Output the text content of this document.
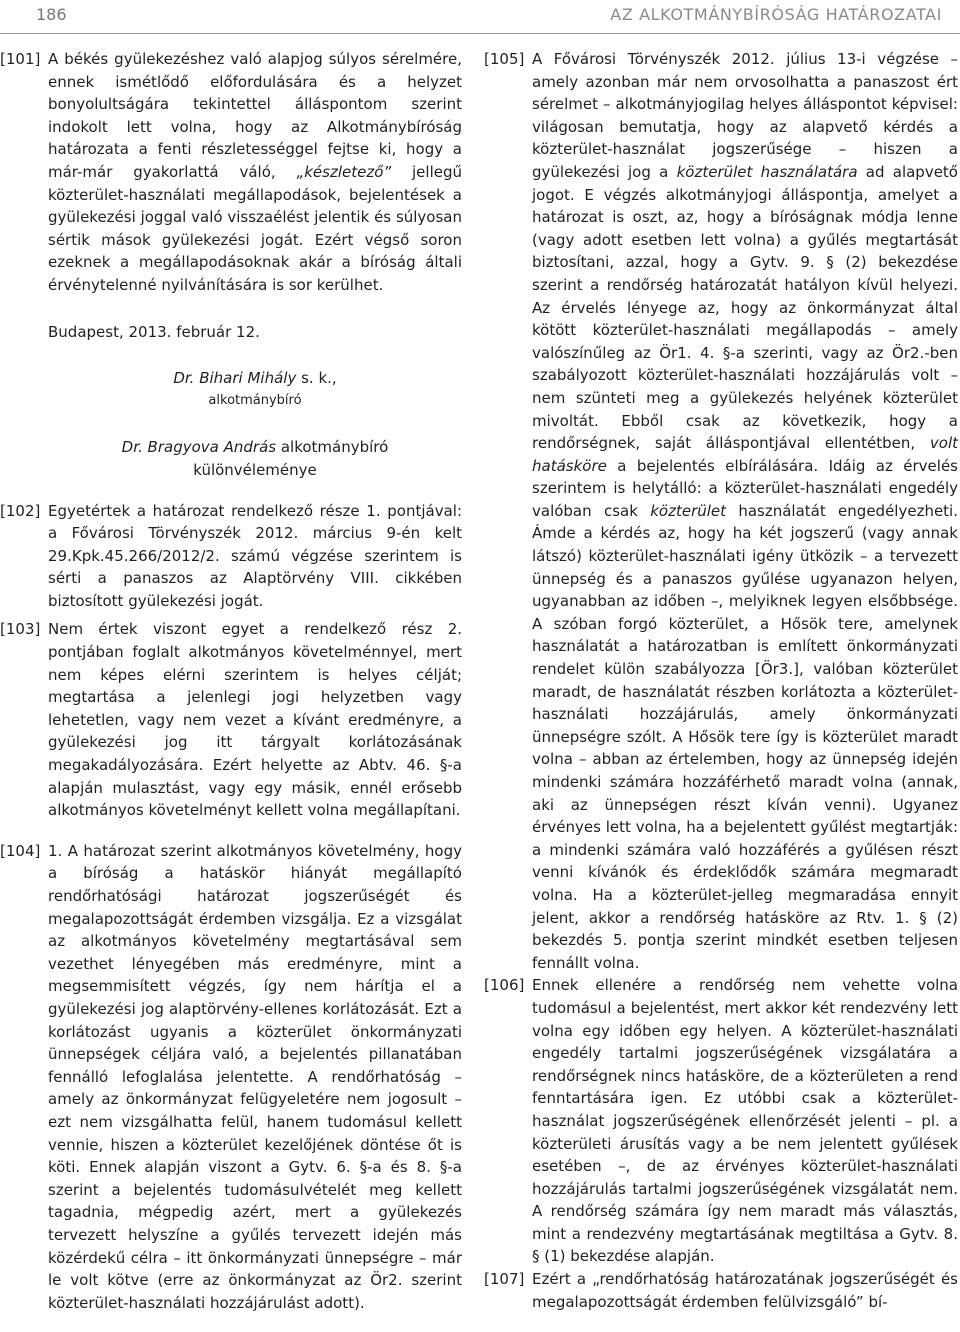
186	AZ ALKOTMÁNYBÍRÓSÁG HATÁROZATAI

[101] A békés gyülekezéshez való alapjog súlyos sérelmére, ennek ismétlődő előfordulására és a helyzet bonyolultságára tekintettel álláspontom szerint indokolt lett volna, hogy az Alkotmánybíróság határozata a fenti részletességgel fejtse ki, hogy a már-már gyakorlattá váló, „készletező” jellegű közterület-használati megállapodások, bejelentések a gyülekezési joggal való visszaélést jelentik és súlyosan sértik mások gyülekezési jogát. Ezért végső soron ezeknek a megállapodásoknak akár a bíróság általi érvénytelenné nyilvánítására is sor kerülhet.

Budapest, 2013. február 12.

Dr. Bihari Mihály s. k.,

alkotmánybíró

Dr. Bragyova András alkotmánybíró

különvéleménye

[102] Egyetértek a határozat rendelkező része 1. pontjával: a Fővárosi Törvényszék 2012. március 9-én kelt 29.Kpk.45.266/2012/2. számú végzése szerintem is sérti a panaszos az Alaptörvény VIII. cikkében biztosított gyülekezési jogát.

[103] Nem értek viszont egyet a rendelkező rész 2. pontjában foglalt alkotmányos követelménnyel, mert nem képes elérni szerintem is helyes célját; megtartása a jelenlegi jogi helyzetben vagy lehetetlen, vagy nem vezet a kívánt eredményre, a gyülekezési jog itt tárgyalt korlátozásának megakadályozására. Ezért helyette az Abtv. 46. §-a alapján mulasztást, vagy egy másik, ennél erősebb alkotmányos követelményt kellett volna megállapítani.

[104] 1. A határozat szerint alkotmányos követelmény, hogy a bíróság a hatáskör hiányát megállapító rendőrhatósági határozat jogszerűségét és megalapozottságát érdemben vizsgálja. Ez a vizsgálat az alkotmányos követelmény megtartásával sem vezethet lényegében más eredményre, mint a megsemmisített végzés, így nem hárítja el a gyülekezési jog alaptörvény-ellenes korlátozását. Ezt a korlátozást ugyanis a közterület önkormányzati ünnepségek céljára való, a bejelentés pillanatában fennálló lefoglalása jelentette. A rendőrhatóság – amely az önkormányzat felügyeletére nem jogosult – ezt nem vizsgálhatta felül, hanem tudomásul kellett vennie, hiszen a közterület kezelőjének döntése őt is köti. Ennek alapján viszont a Gytv. 6. §-a és 8. §-a szerint a bejelentés tudomásulvételét meg kellett tagadnia, mégpedig azért, mert a gyülekezés tervezett helyszíne a gyűlés tervezett idején más közérdekű célra – itt önkormányzati ünnepségre – már le volt kötve (erre az önkormányzat az Ör2. szerint közterület-használati hozzájárulást adott).

[105] A Fővárosi Törvényszék 2012. július 13-i végzése – amely azonban már nem orvosolhatta a panaszost ért sérelmet – alkotmányjogilag helyes álláspontot képvisel: világosan bemutatja, hogy az alapvető kérdés a közterület-használat jogszerűsége – hiszen a gyülekezési jog a közterület használatára ad alapvető jogot. E végzés alkotmányjogi álláspontja, amelyet a határozat is oszt, az, hogy a bíróságnak módja lenne (vagy adott esetben lett volna) a gyűlés megtartását biztosítani, azzal, hogy a Gytv. 9. § (2) bekezdése szerint a rendőrség határozatát hatályon kívül helyezi. Az érvelés lényege az, hogy az önkormányzat által kötött közterület-használati megállapodás – amely valószínűleg az Ör1. 4. §-a szerinti, vagy az Ör2.-ben szabályozott közterület-használati hozzájárulás volt – nem szünteti meg a gyülekezés helyének közterület mivoltát. Ebből csak az következik, hogy a rendőrségnek, saját álláspontjával ellentétben, volt hatásköre a bejelentés elbírálására. Idáig az érvelés szerintem is helytálló: a közterület-használati engedély valóban csak közterület használatát engedélyezheti. Ámde a kérdés az, hogy ha két jogszerű (vagy annak látszó) közterület-használati igény ütközik – a tervezett ünnepség és a panaszos gyűlése ugyanazon helyen, ugyanabban az időben –, melyiknek legyen elsőbbsége. A szóban forgó közterület, a Hősök tere, amelynek használatát a határozatban is említett önkormányzati rendelet külön szabályozza [Ör3.], valóban közterület maradt, de használatát részben korlátozta a közterület-használati hozzájárulás, amely önkormányzati ünnepségre szólt. A Hősök tere így is közterület maradt volna – abban az értelemben, hogy az ünnepség idején mindenki számára hozzáférhető maradt volna (annak, aki az ünnepségen részt kíván venni). Ugyanez érvényes lett volna, ha a bejelentett gyűlést megtartják: a mindenki számára való hozzáférés a gyűlésen részt venni kívánók és érdeklődők számára megmaradt volna. Ha a közterület-jelleg megmaradása ennyit jelent, akkor a rendőrség hatásköre az Rtv. 1. § (2) bekezdés 5. pontja szerint mindkét esetben teljesen fennállt volna.

[106] Ennek ellenére a rendőrség nem vehette volna tudomásul a bejelentést, mert akkor két rendezvény lett volna egy időben egy helyen. A közterület-használati engedély tartalmi jogszerűségének vizsgálatára a rendőrségnek nincs hatásköre, de a közterületen a rend fenntartására igen. Ez utóbbi csak a közterület-használat jogszerűségének ellenőrzését jelenti – pl. a közterületi árusítás vagy a be nem jelentett gyűlések esetében –, de az érvényes közterület-használati hozzájárulás tartalmi jogszerűségének vizsgálatát nem. A rendőrség számára így nem maradt más választás, mint a rendezvény megtartásának megtiltása a Gytv. 8. § (1) bekezdése alapján.

[107] Ezért a „rendőrhatóság határozatának jogszerűségét és megalapozottságát érdemben felülvizsgáló” bí-
